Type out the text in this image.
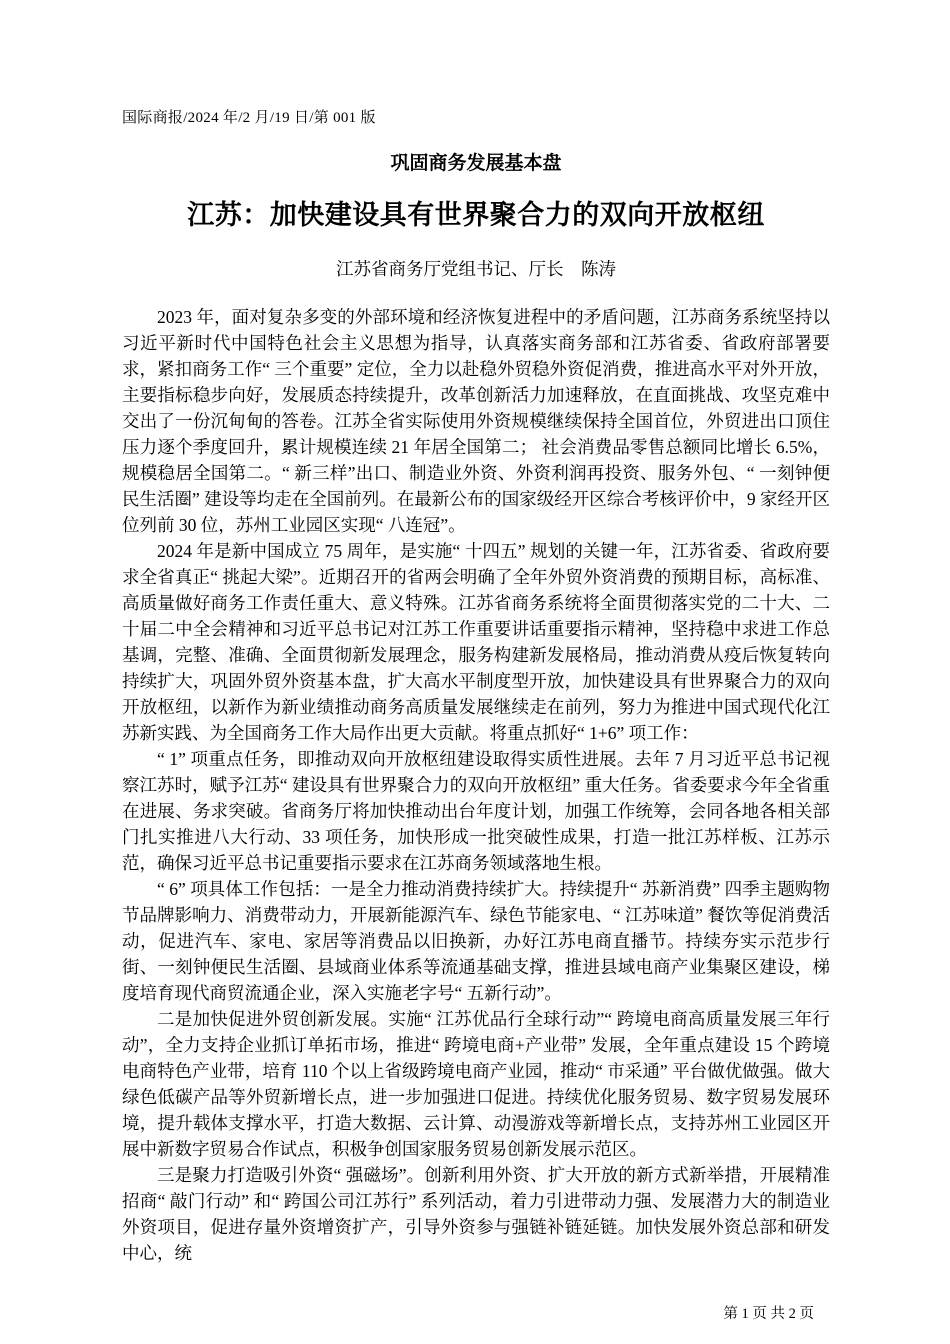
国际商报/2024 年/2 月/19 日/第 001 版
巩固商务发展基本盘
江苏：加快建设具有世界聚合力的双向开放枢纽
江苏省商务厅党组书记、厅长　陈涛

2023 年，面对复杂多变的外部环境和经济恢复进程中的矛盾问题，江苏商务系统坚持以习近平新时代中国特色社会主义思想为指导，认真落实商务部和江苏省委、省政府部署要求，紧扣商务工作“ 三个重要” 定位，全力以赴稳外贸稳外资促消费，推进高水平对外开放，主要指标稳步向好，发展质态持续提升，改革创新活力加速释放，在直面挑战、攻坚克难中交出了一份沉甸甸的答卷。江苏全省实际使用外资规模继续保持全国首位，外贸进出口顶住压力逐个季度回升，累计规模连续 21 年居全国第二； 社会消费品零售总额同比增长 6.5%， 规模稳居全国第二。“ 新三样”出口、制造业外资、外资利润再投资、服务外包、“ 一刻钟便民生活圈” 建设等均走在全国前列。在最新公布的国家级经开区综合考核评价中，9 家经开区位列前 30 位，苏州工业园区实现“ 八连冠”。

2024 年是新中国成立 75 周年，是实施“ 十四五” 规划的关键一年，江苏省委、省政府要求全省真正“ 挑起大梁”。近期召开的省两会明确了全年外贸外资消费的预期目标，高标准、高质量做好商务工作责任重大、意义特殊。江苏省商务系统将全面贯彻落实党的二十大、二十届二中全会精神和习近平总书记对江苏工作重要讲话重要指示精神，坚持稳中求进工作总基调，完整、准确、全面贯彻新发展理念，服务构建新发展格局，推动消费从疫后恢复转向持续扩大，巩固外贸外资基本盘，扩大高水平制度型开放，加快建设具有世界聚合力的双向开放枢纽，以新作为新业绩推动商务高质量发展继续走在前列，努力为推进中国式现代化江苏新实践、为全国商务工作大局作出更大贡献。将重点抓好“ 1+6” 项工作：

“ 1” 项重点任务，即推动双向开放枢纽建设取得实质性进展。去年 7 月习近平总书记视察江苏时，赋予江苏“ 建设具有世界聚合力的双向开放枢纽” 重大任务。省委要求今年全省重在进展、务求突破。省商务厅将加快推动出台年度计划，加强工作统筹，会同各地各相关部门扎实推进八大行动、33 项任务，加快形成一批突破性成果，打造一批江苏样板、江苏示范，确保习近平总书记重要指示要求在江苏商务领域落地生根。

“ 6” 项具体工作包括：一是全力推动消费持续扩大。持续提升“ 苏新消费” 四季主题购物节品牌影响力、消费带动力，开展新能源汽车、绿色节能家电、“ 江苏味道” 餐饮等促消费活动，促进汽车、家电、家居等消费品以旧换新，办好江苏电商直播节。持续夯实示范步行街、一刻钟便民生活圈、县域商业体系等流通基础支撑，推进县域电商产业集聚区建设，梯度培育现代商贸流通企业，深入实施老字号“ 五新行动”。

二是加快促进外贸创新发展。实施“ 江苏优品行全球行动”“ 跨境电商高质量发展三年行动”，全力支持企业抓订单拓市场，推进“ 跨境电商+产业带” 发展，全年重点建设 15 个跨境电商特色产业带，培育 110 个以上省级跨境电商产业园，推动“ 市采通” 平台做优做强。做大绿色低碳产品等外贸新增长点，进一步加强进口促进。持续优化服务贸易、数字贸易发展环境，提升载体支撑水平，打造大数据、云计算、动漫游戏等新增长点，支持苏州工业园区开展中新数字贸易合作试点，积极争创国家服务贸易创新发展示范区。

三是聚力打造吸引外资“ 强磁场”。创新利用外资、扩大开放的新方式新举措，开展精准招商“ 敲门行动” 和“ 跨国公司江苏行” 系列活动，着力引进带动力强、发展潜力大的制造业外资项目，促进存量外资增资扩产，引导外资参与强链补链延链。加快发展外资总部和研发中心，统

第 1 页 共 2 页
